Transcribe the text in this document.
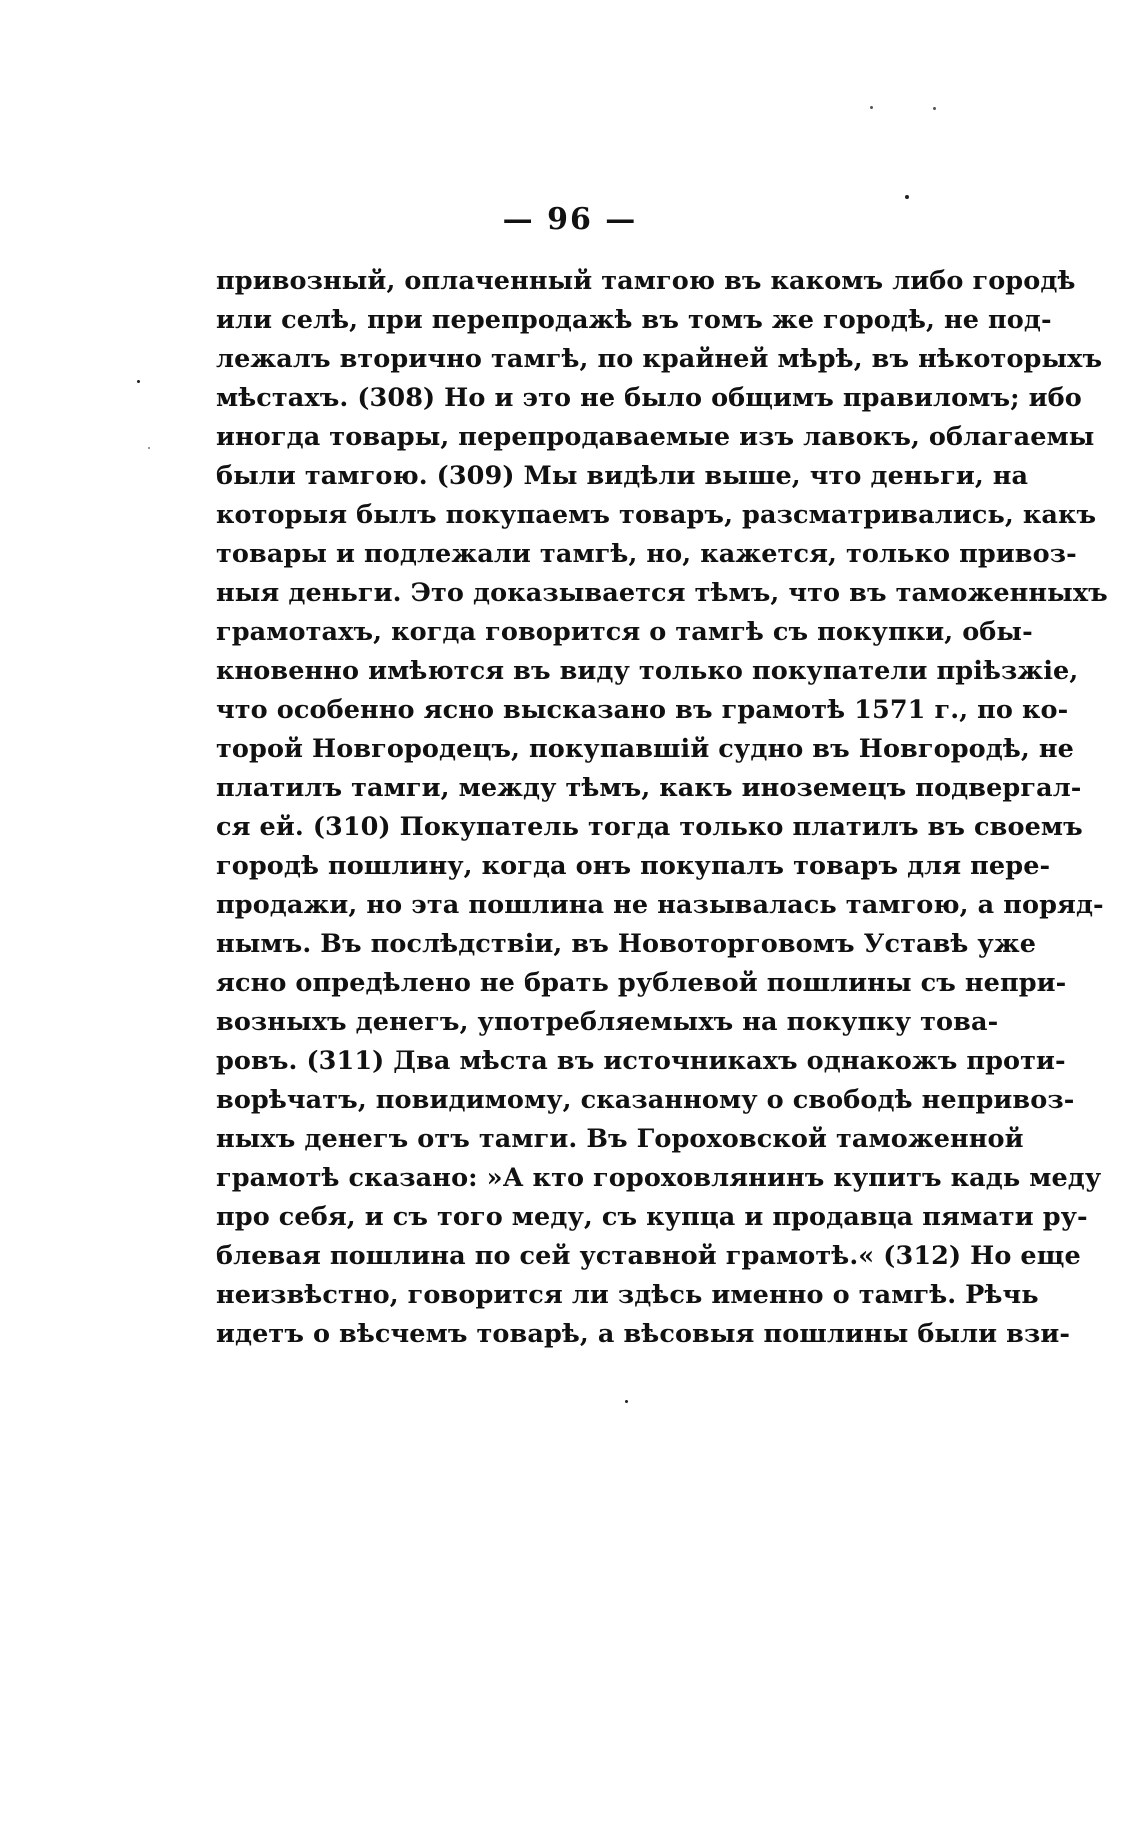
— 96 —
привозный, оплаченный тамгою въ какомъ либо городѣ
или селѣ, при перепродажѣ въ томъ же городѣ, не под-
лежалъ вторично тамгѣ, по крайней мѣрѣ, въ нѣкоторыхъ
мѣстахъ. (308) Но и это не было общимъ правиломъ; ибо
иногда товары, перепродаваемые изъ лавокъ, облагаемы
были тамгою. (309) Мы видѣли выше, что деньги, на
которыя былъ покупаемъ товаръ, разсматривались, какъ
товары и подлежали тамгѣ, но, кажется, только привоз-
ныя деньги. Это доказывается тѣмъ, что въ таможенныхъ
грамотахъ, когда говорится о тамгѣ съ покупки, обы-
кновенно имѣются въ виду только покупатели пріѣзжіе,
что особенно ясно высказано въ грамотѣ 1571 г., по ко-
торой Новгородецъ, покупавшій судно въ Новгородѣ, не
платилъ тамги, между тѣмъ, какъ иноземецъ подвергал-
ся ей. (310) Покупатель тогда только платилъ въ своемъ
городѣ пошлину, когда онъ покупалъ товаръ для пере-
продажи, но эта пошлина не называлась тамгою, а поряд-
нымъ. Въ послѣдствіи, въ Новоторговомъ Уставѣ уже
ясно опредѣлено не брать рублевой пошлины съ непри-
возныхъ денегъ, употребляемыхъ на покупку това-
ровъ. (311) Два мѣста въ источникахъ однакожъ проти-
ворѣчатъ, повидимому, сказанному о свободѣ непривоз-
ныхъ денегъ отъ тамги. Въ Гороховской таможенной
грамотѣ сказано: »А кто гороховлянинъ купитъ кадь меду
про себя, и съ того меду, съ купца и продавца пямати ру-
блевая пошлина по сей уставной грамотѣ.« (312) Но еще
неизвѣстно, говорится ли здѣсь именно о тамгѣ. Рѣчь
идетъ о вѣсчемъ товарѣ, а вѣсовыя пошлины были взи-
